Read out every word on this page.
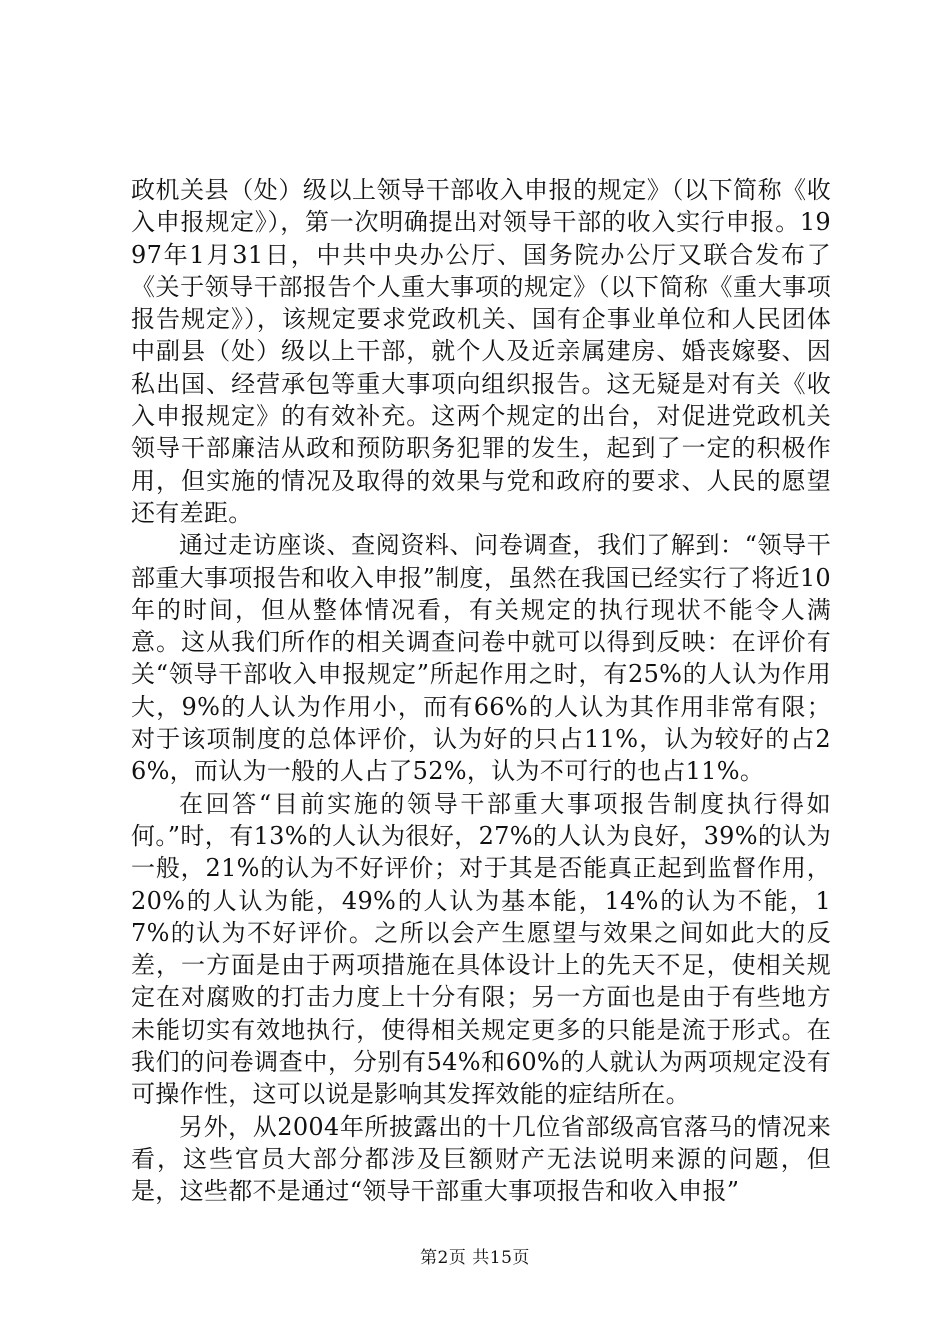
政机关县（处）级以上领导干部收入申报的规定》（以下简称《收入申报规定》），第一次明确提出对领导干部的收入实行申报。1997年1月31日，中共中央办公厅、国务院办公厅又联合发布了《关于领导干部报告个人重大事项的规定》（以下简称《重大事项报告规定》），该规定要求党政机关、国有企事业单位和人民团体中副县（处）级以上干部，就个人及近亲属建房、婚丧嫁娶、因私出国、经营承包等重大事项向组织报告。这无疑是对有关《收入申报规定》的有效补充。这两个规定的出台，对促进党政机关领导干部廉洁从政和预防职务犯罪的发生，起到了一定的积极作用，但实施的情况及取得的效果与党和政府的要求、人民的愿望还有差距。

通过走访座谈、查阅资料、问卷调查，我们了解到：“领导干部重大事项报告和收入申报”制度，虽然在我国已经实行了将近10年的时间，但从整体情况看，有关规定的执行现状不能令人满意。这从我们所作的相关调查问卷中就可以得到反映：在评价有关“领导干部收入申报规定”所起作用之时，有25%的人认为作用大，9%的人认为作用小，而有66%的人认为其作用非常有限；对于该项制度的总体评价，认为好的只占11%，认为较好的占26%，而认为一般的人占了52%，认为不可行的也占11%。

在回答“目前实施的领导干部重大事项报告制度执行得如何。”时，有13%的人认为很好，27%的人认为良好，39%的认为一般，21%的认为不好评价；对于其是否能真正起到监督作用，20%的人认为能，49%的人认为基本能，14%的认为不能，17%的认为不好评价。之所以会产生愿望与效果之间如此大的反差，一方面是由于两项措施在具体设计上的先天不足，使相关规定在对腐败的打击力度上十分有限；另一方面也是由于有些地方未能切实有效地执行，使得相关规定更多的只能是流于形式。在我们的问卷调查中，分别有54%和60%的人就认为两项规定没有可操作性，这可以说是影响其发挥效能的症结所在。

另外，从2004年所披露出的十几位省部级高官落马的情况来看，这些官员大部分都涉及巨额财产无法说明来源的问题，但是，这些都不是通过“领导干部重大事项报告和收入申报”

第2页 共15页
